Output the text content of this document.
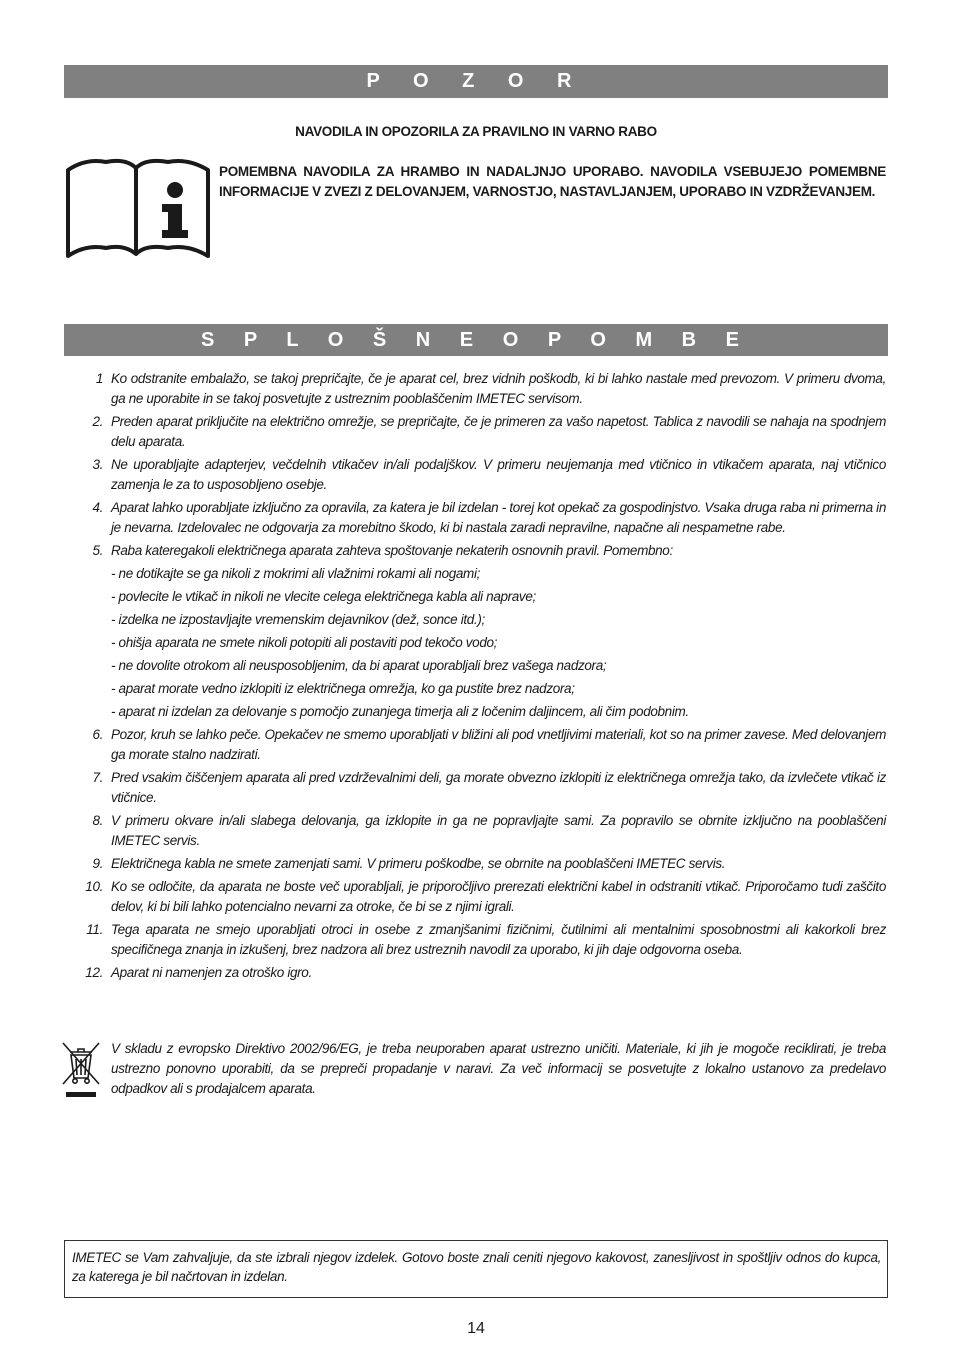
P O Z O R
NAVODILA IN OPOZORILA ZA PRAVILNO IN VARNO RABO
POMEMBNA NAVODILA ZA HRAMBO IN NADALJNJO UPORABO. NAVODILA VSEBUJEJO POMEMBNE INFORMACIJE V ZVEZI Z DELOVANJEM, VARNOSTJO, NASTAVLJANJEM, UPORABO IN VZDRŽEVANJEM.
S P L O Š N E O P O M B E
1 Ko odstranite embalažo, se takoj prepričajte, če je aparat cel, brez vidnih poškodb, ki bi lahko nastale med prevozom. V primeru dvoma, ga ne uporabite in se takoj posvetujte z ustreznim pooblaščenim IMETEC servisom.
2. Preden aparat priključite na električno omrežje, se prepričajte, če je primeren za vašo napetost. Tablica z navodili se nahaja na spodnjem delu aparata.
3. Ne uporabljajte adapterjev, večdelnih vtikačev in/ali podaljškov. V primeru neujemanja med vtičnico in vtikačem aparata, naj vtičnico zamenja le za to usposobljeno osebje.
4. Aparat lahko uporabljate izključno za opravila, za katera je bil izdelan - torej kot opekač za gospodinjstvo. Vsaka druga raba ni primerna in je nevarna. Izdelovalec ne odgovarja za morebitno škodo, ki bi nastala zaradi nepravilne, napačne ali nespametne rabe.
5. Raba kateregakoli električnega aparata zahteva spoštovanje nekaterih osnovnih pravil. Pomembno:
- ne dotikajte se ga nikoli z mokrimi ali vlažnimi rokami ali nogami;
- povlecite le vtikač in nikoli ne vlecite celega električnega kabla ali naprave;
- izdelka ne izpostavljajte vremenskim dejavnikov (dež, sonce itd.);
- ohišja aparata ne smete nikoli potopiti ali postaviti pod tekočo vodo;
- ne dovolite otrokom ali neusposobljenim, da bi aparat uporabljali brez vašega nadzora;
- aparat morate vedno izklopiti iz električnega omrežja, ko ga pustite brez nadzora;
- aparat ni izdelan za delovanje s pomočjo zunanjega timerja ali z ločenim daljincem, ali čim podobnim.
6. Pozor, kruh se lahko peče. Opekačev ne smemo uporabljati v bližini ali pod vnetljivimi materiali, kot so na primer zavese. Med delovanjem ga morate stalno nadzirati.
7. Pred vsakim čiščenjem aparata ali pred vzdrževalnimi deli, ga morate obvezno izklopiti iz električnega omrežja tako, da izvlečete vtikač iz vtičnice.
8. V primeru okvare in/ali slabega delovanja, ga izklopite in ga ne popravljajte sami. Za popravilo se obrnite izključno na pooblaščeni IMETEC servis.
9. Električnega kabla ne smete zamenjati sami. V primeru poškodbe, se obrnite na pooblaščeni IMETEC servis.
10. Ko se odločite, da aparata ne boste več uporabljali, je priporočljivo prerezati električni kabel in odstraniti vtikač. Priporočamo tudi zaščito delov, ki bi bili lahko potencialno nevarni za otroke, če bi se z njimi igrali.
11. Tega aparata ne smejo uporabljati otroci in osebe z zmanjšanimi fizičnimi, čutilnimi ali mentalnimi sposobnostmi ali kakorkoli brez specifičnega znanja in izkušenj, brez nadzora ali brez ustreznih navodil za uporabo, ki jih daje odgovorna oseba.
12. Aparat ni namenjen za otroško igro.
V skladu z evropsko Direktivo 2002/96/EG, je treba neuporaben aparat ustrezno uničiti. Materiale, ki jih je mogoče reciklirati, je treba ustrezno ponovno uporabiti, da se prepreči propadanje v naravi. Za več informacij se posvetujte z lokalno ustanovo za predelavo odpadkov ali s prodajalcem aparata.
IMETEC se Vam zahvaljuje, da ste izbrali njegov izdelek. Gotovo boste znali ceniti njegovo kakovost, zanesljivost in spoštljiv odnos do kupca, za katerega je bil načrtovan in izdelan.
14
